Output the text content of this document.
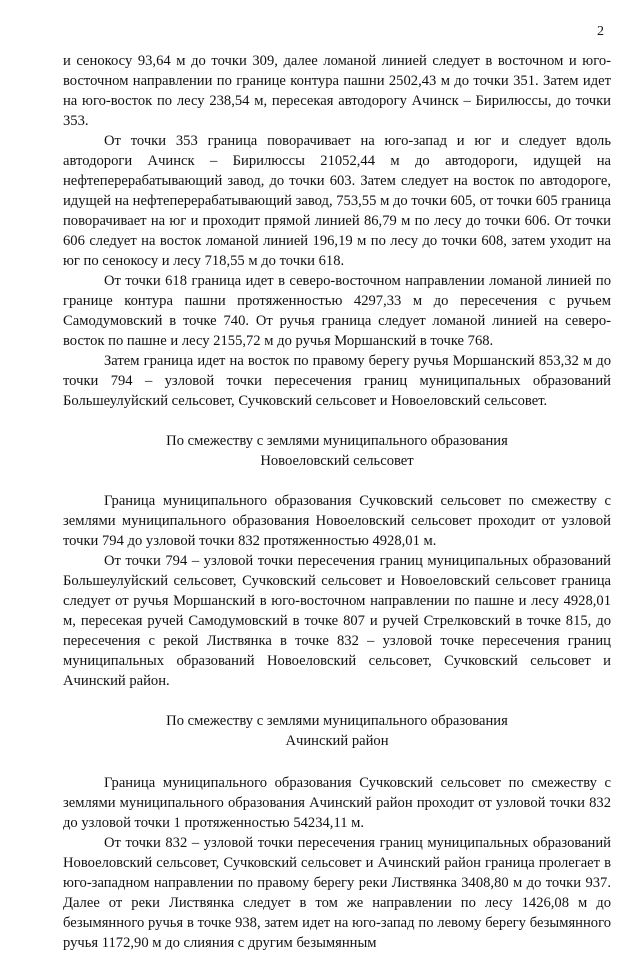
2

и сенокосу 93,64 м до точки 309, далее ломаной линией следует в восточном и юго-восточном направлении по границе контура пашни 2502,43 м до точки 351. Затем идет на юго-восток по лесу 238,54 м, пересекая автодорогу Ачинск – Бирилюссы, до точки 353.

От точки 353 граница поворачивает на юго-запад и юг и следует вдоль автодороги Ачинск – Бирилюссы 21052,44 м до автодороги, идущей на нефтеперерабатывающий завод, до точки 603. Затем следует на восток по автодороге, идущей на нефтеперерабатывающий завод, 753,55 м до точки 605, от точки 605 граница поворачивает на юг и проходит прямой линией 86,79 м по лесу до точки 606. От точки 606 следует на восток ломаной линией 196,19 м по лесу до точки 608, затем уходит на юг по сенокосу и лесу 718,55 м до точки 618.

От точки 618 граница идет в северо-восточном направлении ломаной линией по границе контура пашни протяженностью 4297,33 м до пересечения с ручьем Самодумовский в точке 740. От ручья граница следует ломаной линией на северо-восток по пашне и лесу 2155,72 м до ручья Моршанский в точке 768.

Затем граница идет на восток по правому берегу ручья Моршанский 853,32 м до точки 794 – узловой точки пересечения границ муниципальных образований Большеулуйский сельсовет, Сучковский сельсовет и Новоеловский сельсовет.

По смежеству с землями муниципального образования
Новоеловский сельсовет

Граница муниципального образования Сучковский сельсовет по смежеству с землями муниципального образования Новоеловский сельсовет проходит от узловой точки 794 до узловой точки 832 протяженностью 4928,01 м.

От точки 794 – узловой точки пересечения границ муниципальных образований Большеулуйский сельсовет, Сучковский сельсовет и Новоеловский сельсовет граница следует от ручья Моршанский в юго-восточном направлении по пашне и лесу 4928,01 м, пересекая ручей Самодумовский в точке 807 и ручей Стрелковский в точке 815, до пересечения с рекой Листвянка в точке 832 – узловой точке пересечения границ муниципальных образований Новоеловский сельсовет, Сучковский сельсовет и Ачинский район.

По смежеству с землями муниципального образования
Ачинский район

Граница муниципального образования Сучковский сельсовет по смежеству с землями муниципального образования Ачинский район проходит от узловой точки 832 до узловой точки 1 протяженностью 54234,11 м.

От точки 832 – узловой точки пересечения границ муниципальных образований Новоеловский сельсовет, Сучковский сельсовет и Ачинский район граница пролегает в юго-западном направлении по правому берегу реки Листвянка 3408,80 м до точки 937. Далее от реки Листвянка следует в том же направлении по лесу 1426,08 м до безымянного ручья в точке 938, затем идет на юго-запад по левому берегу безымянного ручья 1172,90 м до слияния с другим безымянным
